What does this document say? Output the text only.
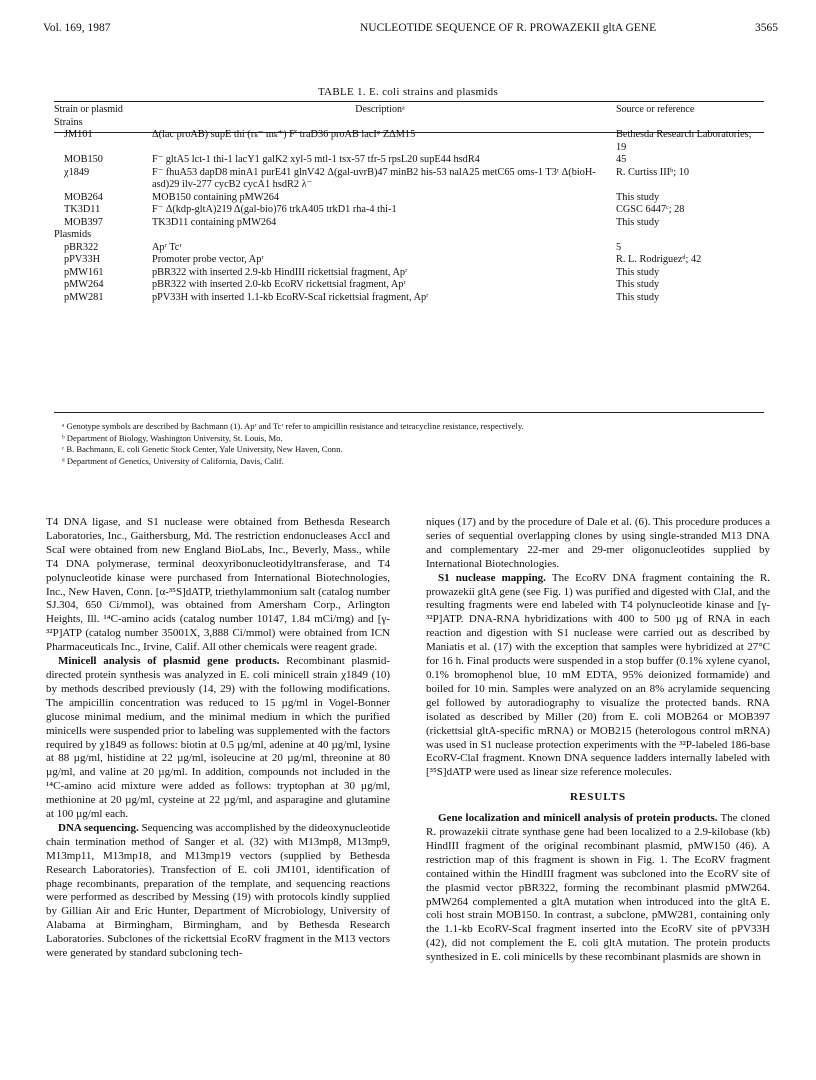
Vol. 169, 1987	NUCLEOTIDE SEQUENCE OF R. PROWAZEKII gltA GENE	3565
TABLE 1. E. coli strains and plasmids
Strain or plasmid	Descriptionᵃ	Source or reference
Strains		
JM101	Δ(lac proAB) supE thi (rₖ⁻ mₖ⁺) F′ traD36 proAB lacIᵠ ZΔM15	Bethesda Research Laboratories; 19
MOB150	F⁻ gltA5 lct-1 thi-1 lacY1 galK2 xyl-5 mtl-1 tsx-57 tfr-5 rpsL20 supE44 hsdR4	45
χ1849	F⁻ fhuA53 dapD8 minA1 purE41 glnV42 Δ(gal-uvrB)47 minB2 his-53 nalA25 metC65 oms-1 T3ʳ Δ(bioH-asd)29 ilv-277 cycB2 cycA1 hsdR2 λ⁻	R. Curtiss IIIᵇ; 10
MOB264	MOB150 containing pMW264	This study
TK3D11	F⁻ Δ(kdp-gltA)219 Δ(gal-bio)76 trkA405 trkD1 rha-4 thi-1	CGSC 6447ᶜ; 28
MOB397	TK3D11 containing pMW264	This study
Plasmids		
pBR322	Apʳ Tcʳ	5
pPV33H	Promoter probe vector, Apʳ	R. L. Rodriguezᵈ; 42
pMW161	pBR322 with inserted 2.9-kb HindIII rickettsial fragment, Apʳ	This study
pMW264	pBR322 with inserted 2.0-kb EcoRV rickettsial fragment, Apʳ	This study
pMW281	pPV33H with inserted 1.1-kb EcoRV-ScaI rickettsial fragment, Apʳ	This study
ᵃ Genotype symbols are described by Bachmann (1). Apʳ and Tcʳ refer to ampicillin resistance and tetracycline resistance, respectively.
ᵇ Department of Biology, Washington University, St. Louis, Mo.
ᶜ B. Bachmann, E. coli Genetic Stock Center, Yale University, New Haven, Conn.
ᵈ Department of Genetics, University of California, Davis, Calif.

T4 DNA ligase, and S1 nuclease were obtained from Bethesda Research Laboratories, Inc., Gaithersburg, Md. The restriction endonucleases AccI and ScaI were obtained from new England BioLabs, Inc., Beverly, Mass., while T4 DNA polymerase, terminal deoxyribonucleotidyltransferase, and T4 polynucleotide kinase were purchased from International Biotechnologies, Inc., New Haven, Conn. [α-³⁵S]dATP, triethylammonium salt (catalog number SJ.304, 650 Ci/mmol), was obtained from Amersham Corp., Arlington Heights, Ill. ¹⁴C-amino acids (catalog number 10147, 1.84 mCi/mg) and [γ-³²P]ATP (catalog number 35001X, 3,888 Ci/mmol) were obtained from ICN Pharmaceuticals Inc., Irvine, Calif. All other chemicals were reagent grade.

Minicell analysis of plasmid gene products. Recombinant plasmid-directed protein synthesis was analyzed in E. coli minicell strain χ1849 (10) by methods described previously (14, 29) with the following modifications. The ampicillin concentration was reduced to 15 µg/ml in Vogel-Bonner glucose minimal medium, and the minimal medium in which the purified minicells were suspended prior to labeling was supplemented with the factors required by χ1849 as follows: biotin at 0.5 µg/ml, adenine at 40 µg/ml, lysine at 88 µg/ml, histidine at 22 µg/ml, isoleucine at 20 µg/ml, threonine at 80 µg/ml, and valine at 20 µg/ml. In addition, compounds not included in the ¹⁴C-amino acid mixture were added as follows: tryptophan at 30 µg/ml, methionine at 20 µg/ml, cysteine at 22 µg/ml, and asparagine and glutamine at 100 µg/ml each.

DNA sequencing. Sequencing was accomplished by the dideoxynucleotide chain termination method of Sanger et al. (32) with M13mp8, M13mp9, M13mp11, M13mp18, and M13mp19 vectors (supplied by Bethesda Research Laboratories). Transfection of E. coli JM101, identification of phage recombinants, preparation of the template, and sequencing reactions were performed as described by Messing (19) with protocols kindly supplied by Gillian Air and Eric Hunter, Department of Microbiology, University of Alabama at Birmingham, Birmingham, and by Bethesda Research Laboratories. Subclones of the rickettsial EcoRV fragment in the M13 vectors were generated by standard subcloning tech-

niques (17) and by the procedure of Dale et al. (6). This procedure produces a series of sequential overlapping clones by using single-stranded M13 DNA and complementary 22-mer and 29-mer oligonucleotides supplied by International Biotechnologies.

S1 nuclease mapping. The EcoRV DNA fragment containing the R. prowazekii gltA gene (see Fig. 1) was purified and digested with ClaI, and the resulting fragments were end labeled with T4 polynucleotide kinase and [γ-³²P]ATP. DNA-RNA hybridizations with 400 to 500 µg of RNA in each reaction and digestion with S1 nuclease were carried out as described by Maniatis et al. (17) with the exception that samples were hybridized at 27°C for 16 h. Final products were suspended in a stop buffer (0.1% xylene cyanol, 0.1% bromophenol blue, 10 mM EDTA, 95% deionized formamide) and boiled for 10 min. Samples were analyzed on an 8% acrylamide sequencing gel followed by autoradiography to visualize the protected bands. RNA isolated as described by Miller (20) from E. coli MOB264 or MOB397 (rickettsial gltA-specific mRNA) or MOB215 (heterologous control mRNA) was used in S1 nuclease protection experiments with the ³²P-labeled 186-base EcoRV-ClaI fragment. Known DNA sequence ladders internally labeled with [³⁵S]dATP were used as linear size reference molecules.

RESULTS

Gene localization and minicell analysis of protein products. The cloned R. prowazekii citrate synthase gene had been localized to a 2.9-kilobase (kb) HindIII fragment of the original recombinant plasmid, pMW150 (46). A restriction map of this fragment is shown in Fig. 1. The EcoRV fragment contained within the HindIII fragment was subcloned into the EcoRV site of the plasmid vector pBR322, forming the recombinant plasmid pMW264. pMW264 complemented a gltA mutation when introduced into the gltA E. coli host strain MOB150. In contrast, a subclone, pMW281, containing only the 1.1-kb EcoRV-ScaI fragment inserted into the EcoRV site of pPV33H (42), did not complement the E. coli gltA mutation. The protein products synthesized in E. coli minicells by these recombinant plasmids are shown in
